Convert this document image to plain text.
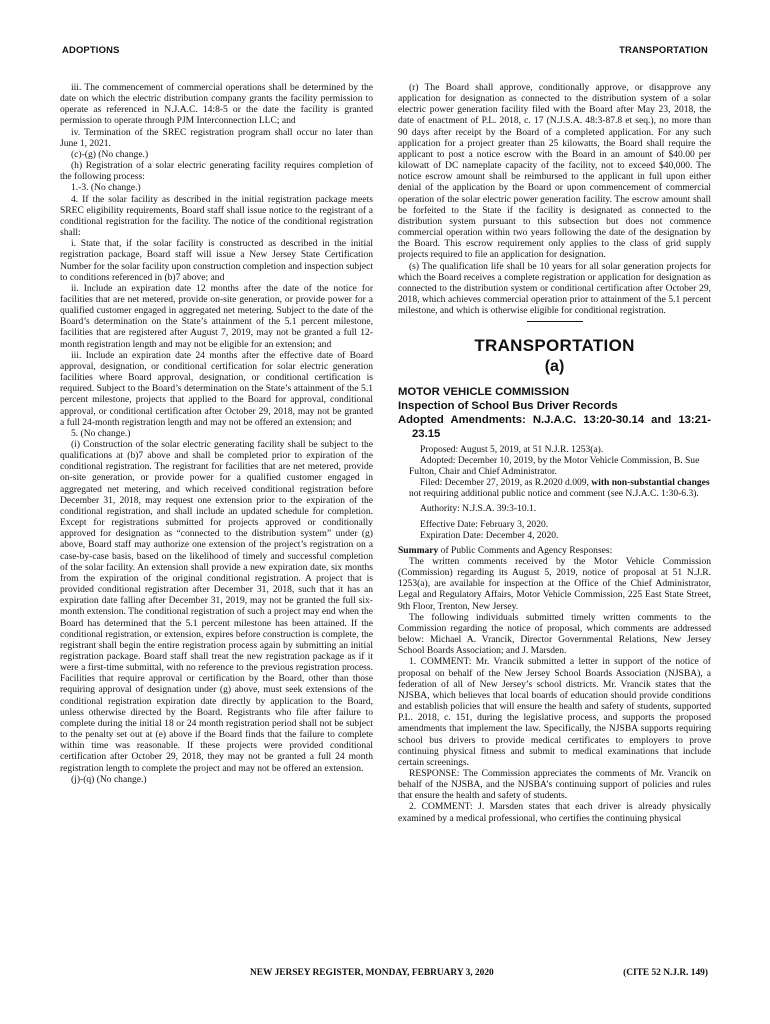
ADOPTIONS	TRANSPORTATION

iii. The commencement of commercial operations shall be determined by the date on which the electric distribution company grants the facility permission to operate as referenced in N.J.A.C. 14:8-5 or the date the facility is granted permission to operate through PJM Interconnection LLC; and

iv. Termination of the SREC registration program shall occur no later than June 1, 2021.

(c)-(g) (No change.)

(h) Registration of a solar electric generating facility requires completion of the following process:

1.-3. (No change.)

4. If the solar facility as described in the initial registration package meets SREC eligibility requirements, Board staff shall issue notice to the registrant of a conditional registration for the facility. The notice of the conditional registration shall:

i. State that, if the solar facility is constructed as described in the initial registration package, Board staff will issue a New Jersey State Certification Number for the solar facility upon construction completion and inspection subject to conditions referenced in (b)7 above; and

ii. Include an expiration date 12 months after the date of the notice for facilities that are net metered, provide on-site generation, or provide power for a qualified customer engaged in aggregated net metering. Subject to the date of the Board’s determination on the State’s attainment of the 5.1 percent milestone, facilities that are registered after August 7, 2019, may not be granted a full 12-month registration length and may not be eligible for an extension; and

iii. Include an expiration date 24 months after the effective date of Board approval, designation, or conditional certification for solar electric generation facilities where Board approval, designation, or conditional certification is required. Subject to the Board’s determination on the State’s attainment of the 5.1 percent milestone, projects that applied to the Board for approval, conditional approval, or conditional certification after October 29, 2018, may not be granted a full 24-month registration length and may not be offered an extension; and

5. (No change.)

(i) Construction of the solar electric generating facility shall be subject to the qualifications at (b)7 above and shall be completed prior to expiration of the conditional registration. The registrant for facilities that are net metered, provide on-site generation, or provide power for a qualified customer engaged in aggregated net metering, and which received conditional registration before December 31, 2018, may request one extension prior to the expiration of the conditional registration, and shall include an updated schedule for completion. Except for registrations submitted for projects approved or conditionally approved for designation as “connected to the distribution system” under (g) above, Board staff may authorize one extension of the project’s registration on a case-by-case basis, based on the likelihood of timely and successful completion of the solar facility. An extension shall provide a new expiration date, six months from the expiration of the original conditional registration. A project that is provided conditional registration after December 31, 2018, such that it has an expiration date falling after December 31, 2019, may not be granted the full six-month extension. The conditional registration of such a project may end when the Board has determined that the 5.1 percent milestone has been attained. If the conditional registration, or extension, expires before construction is complete, the registrant shall begin the entire registration process again by submitting an initial registration package. Board staff shall treat the new registration package as if it were a first-time submittal, with no reference to the previous registration process. Facilities that require approval or certification by the Board, other than those requiring approval of designation under (g) above, must seek extensions of the conditional registration expiration date directly by application to the Board, unless otherwise directed by the Board. Registrants who file after failure to complete during the initial 18 or 24 month registration period shall not be subject to the penalty set out at (e) above if the Board finds that the failure to complete within time was reasonable. If these projects were provided conditional certification after October 29, 2018, they may not be granted a full 24 month registration length to complete the project and may not be offered an extension.

(j)-(q) (No change.)

(r) The Board shall approve, conditionally approve, or disapprove any application for designation as connected to the distribution system of a solar electric power generation facility filed with the Board after May 23, 2018, the date of enactment of P.L. 2018, c. 17 (N.J.S.A. 48:3-87.8 et seq.), no more than 90 days after receipt by the Board of a completed application. For any such application for a project greater than 25 kilowatts, the Board shall require the applicant to post a notice escrow with the Board in an amount of $40.00 per kilowatt of DC nameplate capacity of the facility, not to exceed $40,000. The notice escrow amount shall be reimbursed to the applicant in full upon either denial of the application by the Board or upon commencement of commercial operation of the solar electric power generation facility. The escrow amount shall be forfeited to the State if the facility is designated as connected to the distribution system pursuant to this subsection but does not commence commercial operation within two years following the date of the designation by the Board. This escrow requirement only applies to the class of grid supply projects required to file an application for designation.

(s) The qualification life shall be 10 years for all solar generation projects for which the Board receives a complete registration or application for designation as connected to the distribution system or conditional certification after October 29, 2018, which achieves commercial operation prior to attainment of the 5.1 percent milestone, and which is otherwise eligible for conditional registration.

TRANSPORTATION
(a)
MOTOR VEHICLE COMMISSION
Inspection of School Bus Driver Records
Adopted Amendments: N.J.A.C. 13:20-30.14 and 13:21-23.15

Proposed: August 5, 2019, at 51 N.J.R. 1253(a).

Adopted: December 10, 2019, by the Motor Vehicle Commission, B. Sue Fulton, Chair and Chief Administrator.

Filed: December 27, 2019, as R.2020 d.009, with non-substantial changes not requiring additional public notice and comment (see N.J.A.C. 1:30-6.3).

Authority: N.J.S.A. 39:3-10.1.

Effective Date: February 3, 2020.

Expiration Date: December 4, 2020.

Summary of Public Comments and Agency Responses:

The written comments received by the Motor Vehicle Commission (Commission) regarding its August 5, 2019, notice of proposal at 51 N.J.R. 1253(a), are available for inspection at the Office of the Chief Administrator, Legal and Regulatory Affairs, Motor Vehicle Commission, 225 East State Street, 9th Floor, Trenton, New Jersey.

The following individuals submitted timely written comments to the Commission regarding the notice of proposal, which comments are addressed below: Michael A. Vrancik, Director Governmental Relations, New Jersey School Boards Association; and J. Marsden.

1. COMMENT: Mr. Vrancik submitted a letter in support of the notice of proposal on behalf of the New Jersey School Boards Association (NJSBA), a federation of all of New Jersey’s school districts. Mr. Vrancik states that the NJSBA, which believes that local boards of education should provide conditions and establish policies that will ensure the health and safety of students, supported P.L. 2018, c. 151, during the legislative process, and supports the proposed amendments that implement the law. Specifically, the NJSBA supports requiring school bus drivers to provide medical certificates to employers to prove continuing physical fitness and submit to medical examinations that include certain screenings.

RESPONSE: The Commission appreciates the comments of Mr. Vrancik on behalf of the NJSBA, and the NJSBA’s continuing support of policies and rules that ensure the health and safety of students.

2. COMMENT: J. Marsden states that each driver is already physically examined by a medical professional, who certifies the continuing physical

NEW JERSEY REGISTER, MONDAY, FEBRUARY 3, 2020	(CITE 52 N.J.R. 149)
